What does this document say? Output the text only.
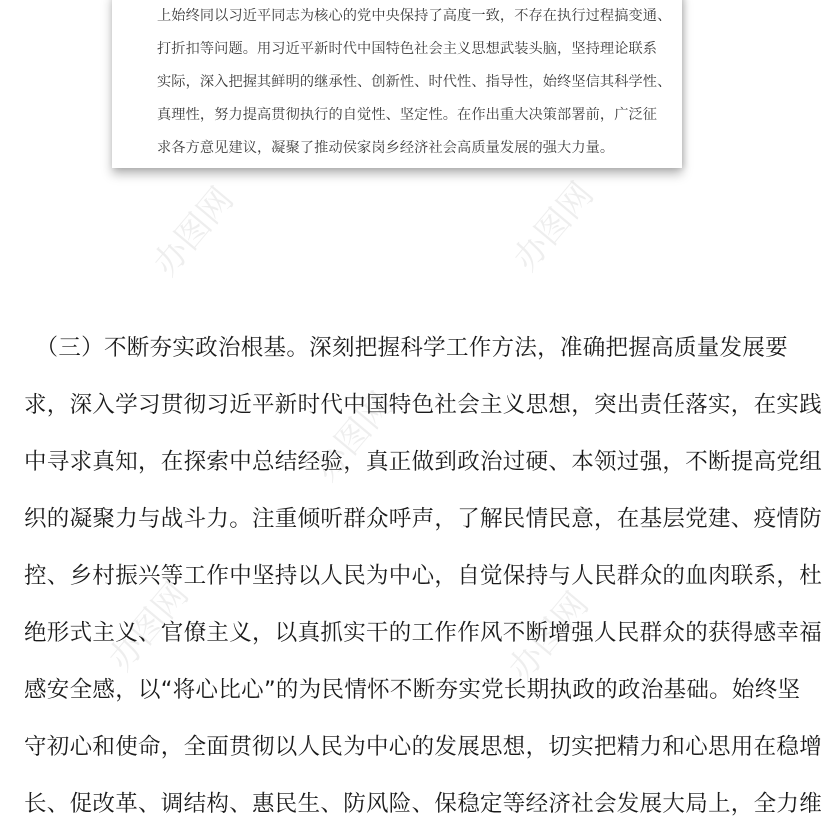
上始终同以习近平同志为核心的党中央保持了高度一致，不存在执行过程搞变通、
打折扣等问题。用习近平新时代中国特色社会主义思想武装头脑，坚持理论联系
实际，深入把握其鲜明的继承性、创新性、时代性、指导性，始终坚信其科学性、
真理性，努力提高贯彻执行的自觉性、坚定性。在作出重大决策部署前，广泛征
求各方意见建议，凝聚了推动侯家岗乡经济社会高质量发展的强大力量。
办图网	办图网
办图网
办图网	办图网
　（三）不断夯实政治根基。深刻把握科学工作方法，准确把握高质量发展要
求，深入学习贯彻习近平新时代中国特色社会主义思想，突出责任落实，在实践
中寻求真知，在探索中总结经验，真正做到政治过硬、本领过强，不断提高党组
织的凝聚力与战斗力。注重倾听群众呼声，了解民情民意，在基层党建、疫情防
控、乡村振兴等工作中坚持以人民为中心，自觉保持与人民群众的血肉联系，杜
绝形式主义、官僚主义，以真抓实干的工作作风不断增强人民群众的获得感幸福
感安全感，以“将心比心”的为民情怀不断夯实党长期执政的政治基础。始终坚
守初心和使命，全面贯彻以人民为中心的发展思想，切实把精力和心思用在稳增
长、促改革、调结构、惠民生、防风险、保稳定等经济社会发展大局上，全力维
